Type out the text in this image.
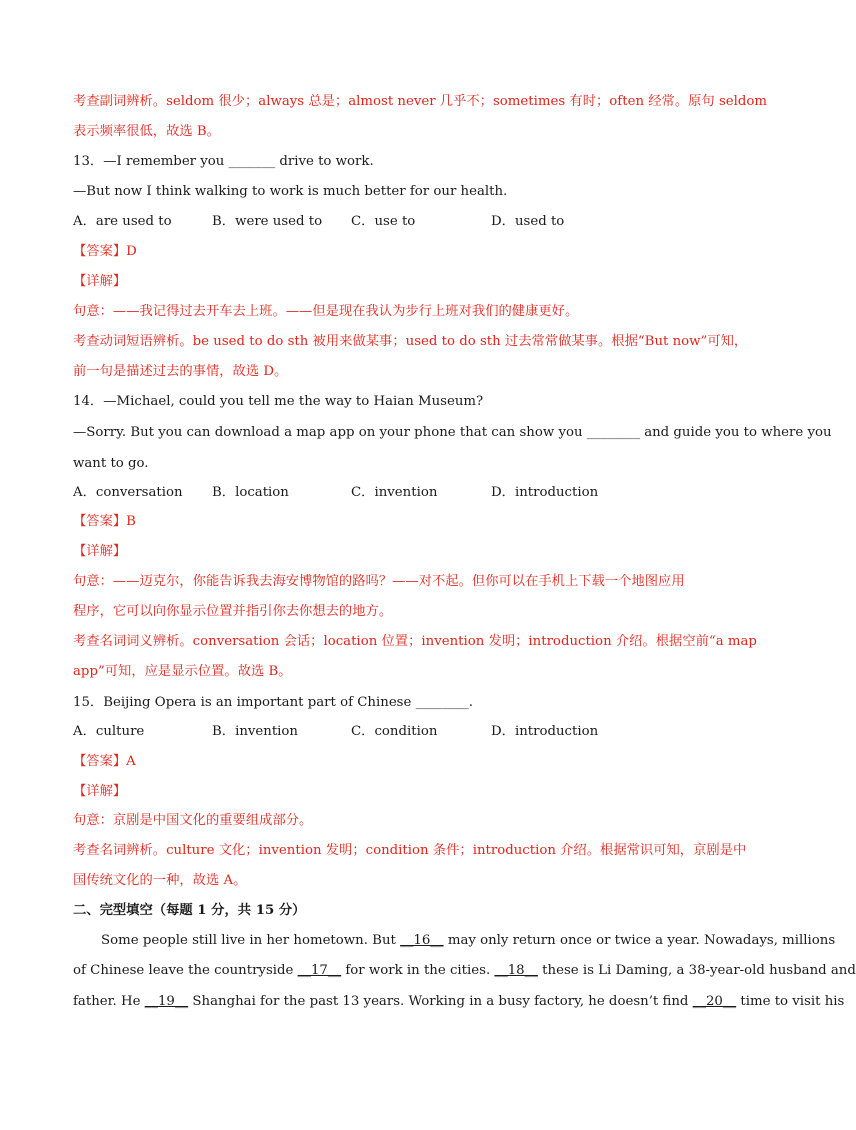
考查副词辨析。seldom 很少；always 总是；almost never 几乎不；sometimes 有时；often 经常。原句 seldom
表示频率很低，故选 B。
13．—I remember you _______ drive to work.
—But now I think walking to work is much better for our health.
A．are used to	B．were used to C．use to	D．used to
【答案】D
【详解】
句意：——我记得过去开车去上班。——但是现在我认为步行上班对我们的健康更好。
考查动词短语辨析。be used to do sth 被用来做某事；used to do sth 过去常常做某事。根据“But now”可知，
前一句是描述过去的事情，故选 D。
14．—Michael, could you tell me the way to Haian Museum?
—Sorry. But you can download a map app on your phone that can show you ________ and guide you to where you
want to go.
A．conversation B．location	C．invention	D．introduction
【答案】B
【详解】
句意：——迈克尔，你能告诉我去海安博物馆的路吗？——对不起。但你可以在手机上下载一个地图应用
程序，它可以向你显示位置并指引你去你想去的地方。
考查名词词义辨析。conversation 会话；location 位置；invention 发明；introduction 介绍。根据空前“a map
app”可知，应是显示位置。故选 B。
15．Beijing Opera is an important part of Chinese ________.
A．culture	B．invention	C．condition	D．introduction
【答案】A
【详解】
句意：京剧是中国文化的重要组成部分。
考查名词辨析。culture 文化；invention 发明；condition 条件；introduction 介绍。根据常识可知，京剧是中
国传统文化的一种，故选 A。
二、完型填空（每题 1 分，共 15 分）
Some people still live in her hometown. But __16__ may only return once or twice a year. Nowadays, millions
of Chinese leave the countryside __17__ for work in the cities. __18__ these is Li Daming, a 38-year-old husband and
father. He __19__ Shanghai for the past 13 years. Working in a busy factory, he doesn’t find __20__ time to visit his
